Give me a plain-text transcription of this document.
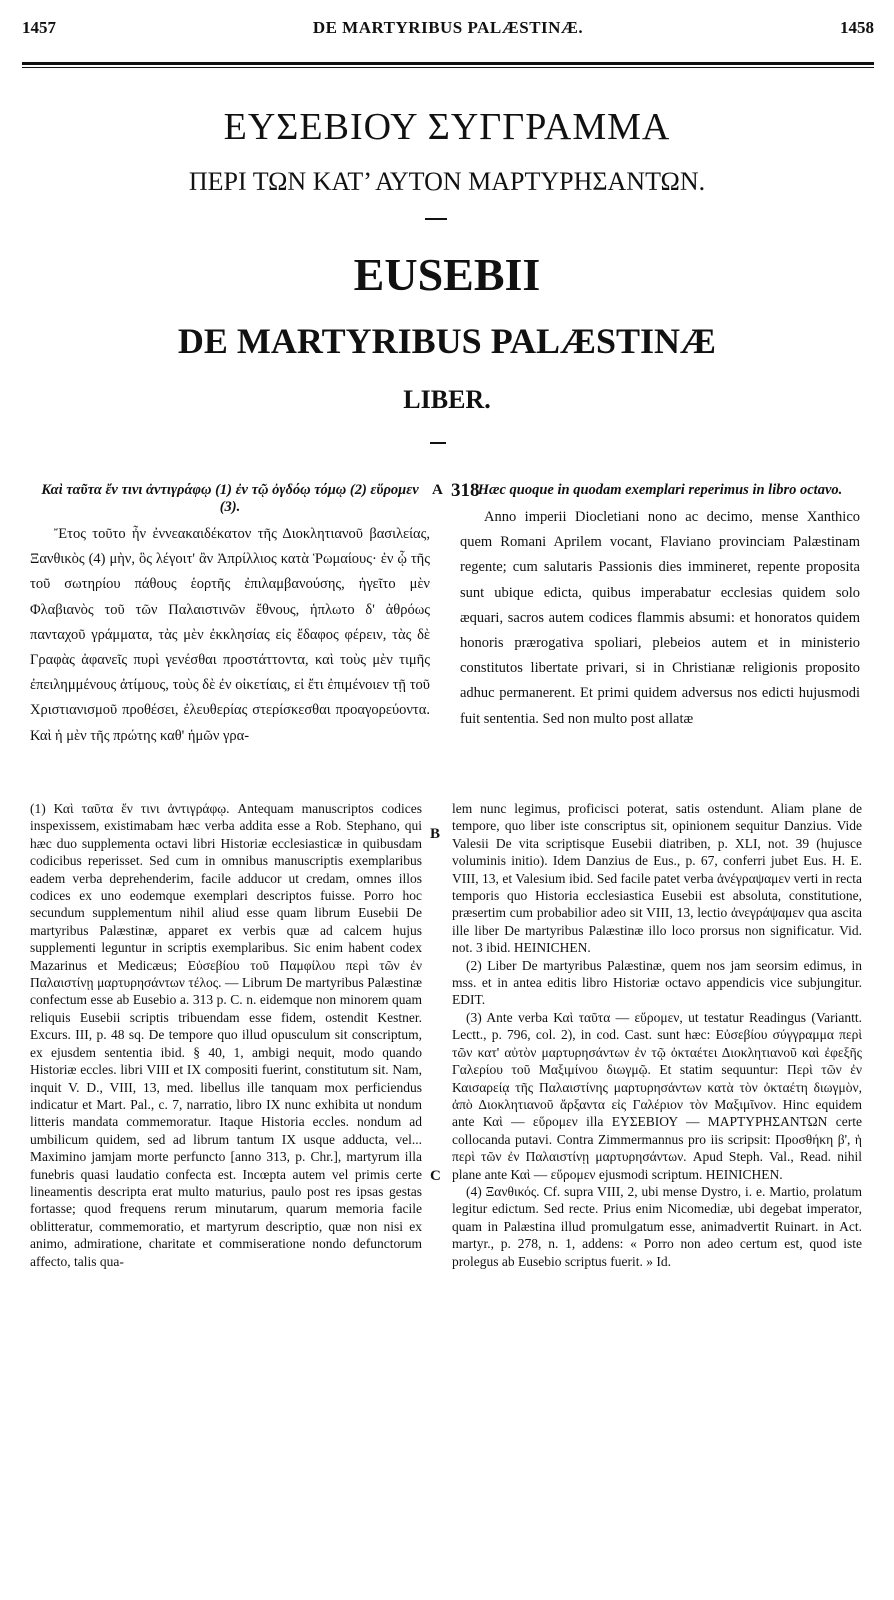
1457	DE MARTYRIBUS PALÆSTINÆ.	1458
ΕΥΣΕΒΙΟΥ ΣΥΓΓΡΑΜΜΑ
ΠΕΡΙ ΤΩΝ ΚΑΤ’ ΑΥΤΟΝ ΜΑΡΤΥΡΗΣΑΝΤΩΝ.
EUSEBII
DE MARTYRIBUS PALÆSTINÆ
LIBER.
A 318
B
C

Καὶ ταῦτα ἔν τινι ἀντιγράφῳ (1) ἐν τῷ ὀγδόῳ τόμῳ (2) εὕρομεν (3).

Ἔτος τοῦτο ἦν ἐννεακαιδέκατον τῆς Διοκλητιανοῦ βασιλείας, Ξανθικὸς (4) μὴν, ὃς λέγοιτ' ἂν Ἀπρίλλιος κατὰ Ῥωμαίους· ἐν ᾧ τῆς τοῦ σωτηρίου πάθους ἑορτῆς ἐπιλαμβανούσης, ἡγεῖτο μὲν Φλαβιανὸς τοῦ τῶν Παλαιστινῶν ἔθνους, ἡπλωτο δ' ἀθρόως πανταχοῦ γράμματα, τὰς μὲν ἐκκλησίας εἰς ἔδαφος φέρειν, τὰς δὲ Γραφὰς ἀφανεῖς πυρὶ γενέσθαι προστάττοντα, καὶ τοὺς μὲν τιμῆς ἐπειλημμένους ἀτίμους, τοὺς δὲ ἐν οἰκετίαις, εἰ ἔτι ἐπιμένοιεν τῇ τοῦ Χριστιανισμοῦ προθέσει, ἐλευθερίας στερίσκεσθαι προαγορεύοντα. Καὶ ἡ μὲν τῆς πρώτης καθ' ἡμῶν γρα-

Hæc quoque in quodam exemplari reperimus in libro octavo.

Anno imperii Diocletiani nono ac decimo, mense Xanthico quem Romani Aprilem vocant, Flaviano provinciam Palæstinam regente; cum salutaris Passionis dies immineret, repente proposita sunt ubique edicta, quibus imperabatur ecclesias quidem solo æquari, sacros autem codices flammis absumi: et honoratos quidem honoris prærogativa spoliari, plebeios autem et in ministerio constitutos libertate privari, si in Christianæ religionis proposito adhuc permanerent. Et primi quidem adversus nos edicti hujusmodi fuit sententia. Sed non multo post allatæ

(1) Καὶ ταῦτα ἔν τινι ἀντιγράφῳ. Antequam manuscriptos codices inspexissem, existimabam hæc verba addita esse a Rob. Stephano, qui hæc duo supplementa octavi libri Historiæ ecclesiasticæ in quibusdam codicibus reperisset. Sed cum in omnibus manuscriptis exemplaribus eadem verba deprehenderim, facile adducor ut credam, omnes illos codices ex uno eodemque exemplari descriptos fuisse. Porro hoc secundum supplementum nihil aliud esse quam librum Eusebii De martyribus Palæstinæ, apparet ex verbis quæ ad calcem hujus supplementi leguntur in scriptis exemplaribus. Sic enim habent codex Mazarinus et Medicæus; Εὐσεβίου τοῦ Παμφίλου περὶ τῶν ἐν Παλαιστίνῃ μαρτυρησάντων τέλος. — Librum De martyribus Palæstinæ confectum esse ab Eusebio a. 313 p. C. n. eidemque non minorem quam reliquis Eusebii scriptis tribuendam esse fidem, ostendit Kestner. Excurs. III, p. 48 sq. De tempore quo illud opusculum sit conscriptum, ex ejusdem sententia ibid. § 40, 1, ambigi nequit, modo quando Historiæ eccles. libri VIII et IX compositi fuerint, constitutum sit. Nam, inquit V. D., VIII, 13, med. libellus ille tanquam mox perficiendus indicatur et Mart. Pal., c. 7, narratio, libro IX nunc exhibita ut nondum litteris mandata commemoratur. Itaque Historia eccles. nondum ad umbilicum quidem, sed ad librum tantum IX usque adducta, vel... Maximino jamjam morte perfuncto [anno 313, p. Chr.], martyrum illa funebris quasi laudatio confecta est. Incœpta autem vel primis certe lineamentis descripta erat multo maturius, paulo post res ipsas gestas fortasse; quod frequens rerum minutarum, quarum memoria facile oblitteratur, commemoratio, et martyrum descriptio, quæ non nisi ex animo, admiratione, charitate et commiseratione nondo defunctorum affecto, talis qua-

lem nunc legimus, proficisci poterat, satis ostendunt. Aliam plane de tempore, quo liber iste conscriptus sit, opinionem sequitur Danzius. Vide Valesii De vita scriptisque Eusebii diatriben, p. XLI, not. 39 (hujusce voluminis initio). Idem Danzius de Eus., p. 67, conferri jubet Eus. H. E. VIII, 13, et Valesium ibid. Sed facile patet verba ἀνέγραψαμεν verti in recta temporis quo Historia ecclesiastica Eusebii est absoluta, constitutione, præsertim cum probabilior adeo sit VIII, 13, lectio ἀνεγράψαμεν qua ascita ille liber De martyribus Palæstinæ illo loco prorsus non significatur. Vid. not. 3 ibid. HEINICHEN.

(2) Liber De martyribus Palæstinæ, quem nos jam seorsim edimus, in mss. et in antea editis libro Historiæ octavo appendicis vice subjungitur. EDIT.

(3) Ante verba Καὶ ταῦτα — εὕρομεν, ut testatur Readingus (Variantt. Lectt., p. 796, col. 2), in cod. Cast. sunt hæc: Εὐσεβίου σύγγραμμα περὶ τῶν κατ' αὐτὸν μαρτυρησάντων ἐν τῷ ὀκταέτει Διοκλητιανοῦ καὶ ἐφεξῆς Γαλερίου τοῦ Μαξιμίνου διωγμῷ. Et statim sequuntur: Περὶ τῶν ἐν Καισαρείᾳ τῆς Παλαιστίνης μαρτυρησάντων κατὰ τὸν ὀκταέτη διωγμὸν, ἀπὸ Διοκλητιανοῦ ἄρξαντα εἰς Γαλέριον τὸν Μαξιμῖνον. Hinc equidem ante Καὶ — εὕρομεν illa ΕΥΣΕΒΙΟΥ — ΜΑΡΤΥΡΗΣΑΝΤΩΝ certe collocanda putavi. Contra Zimmermannus pro iis scripsit: Προσθήκη β', ἡ περὶ τῶν ἐν Παλαιστίνῃ μαρτυρησάντων. Apud Steph. Val., Read. nihil plane ante Καὶ — εὕρομεν ejusmodi scriptum. HEINICHEN.

(4) Ξανθικός. Cf. supra VIII, 2, ubi mense Dystro, i. e. Martio, prolatum legitur edictum. Sed recte. Prius enim Nicomediæ, ubi degebat imperator, quam in Palæstina illud promulgatum esse, animadvertit Ruinart. in Act. martyr., p. 278, n. 1, addens: « Porro non adeo certum est, quod iste prolegus ab Eusebio scriptus fuerit. » Id.
